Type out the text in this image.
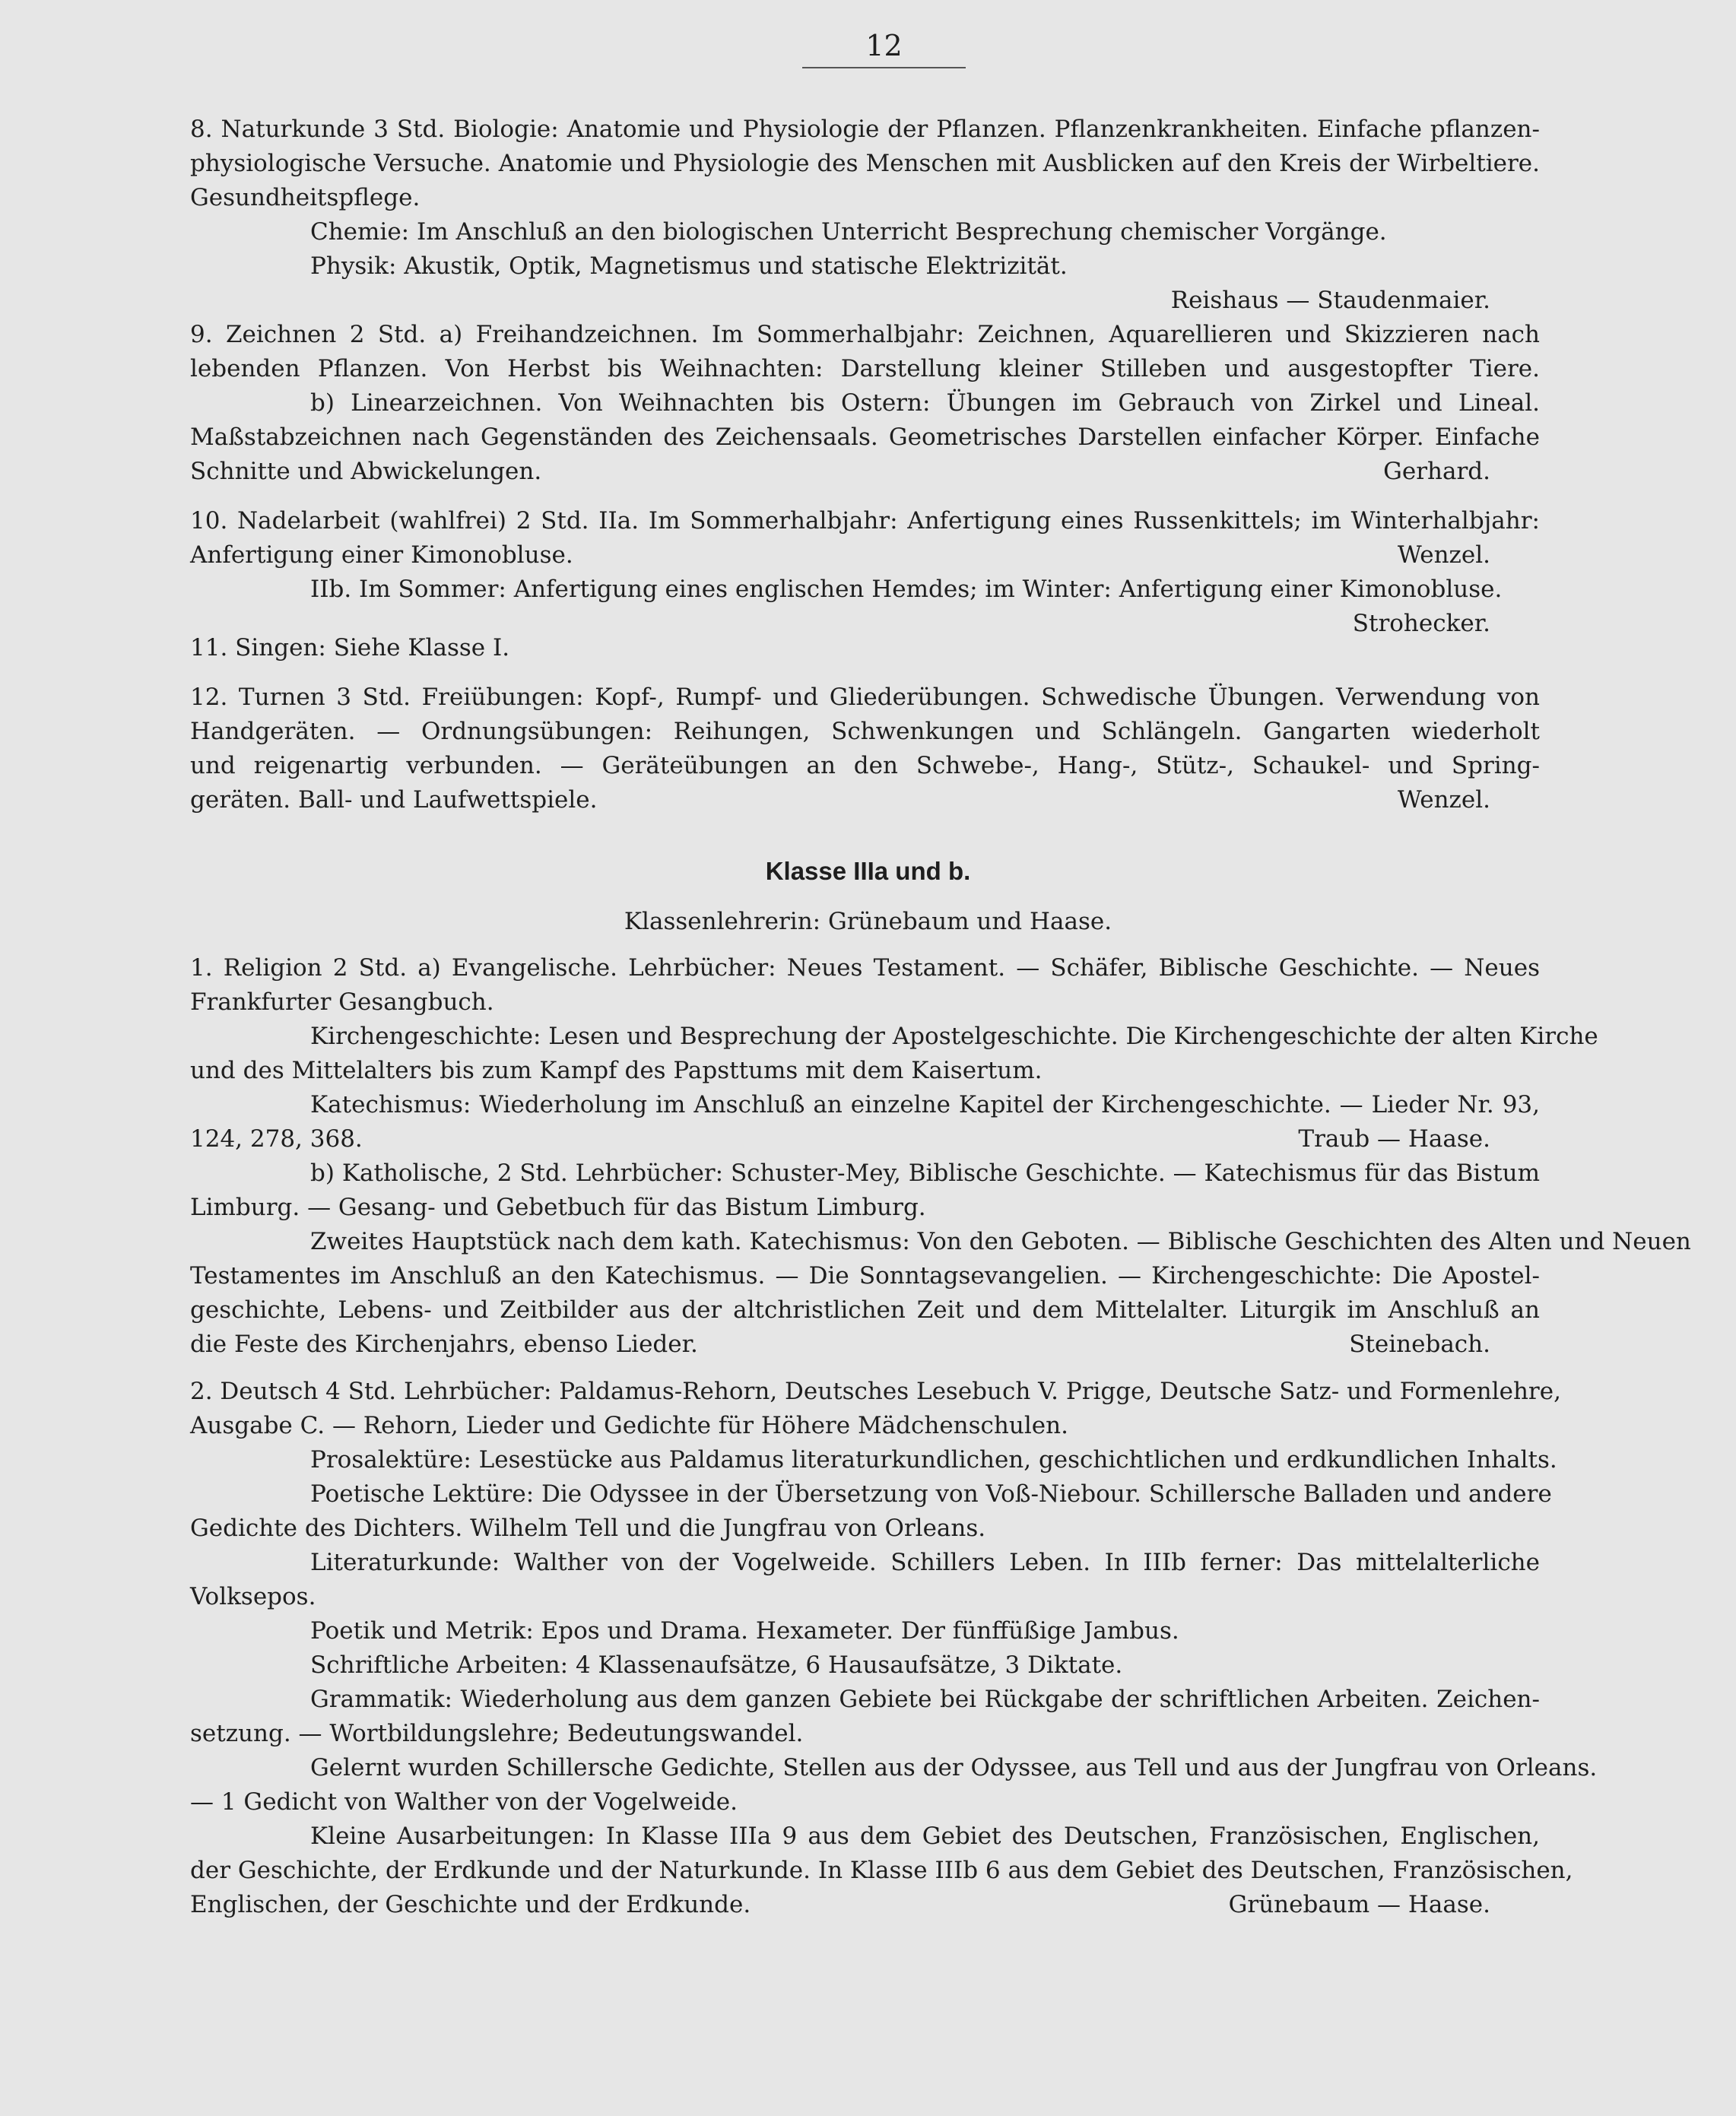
12
8. Naturkunde 3 Std. Biologie: Anatomie und Physiologie der Pflanzen. Pflanzenkrankheiten. Einfache pflanzen-
physiologische Versuche. Anatomie und Physiologie des Menschen mit Ausblicken auf den Kreis der Wirbeltiere.
Gesundheitspflege.
Chemie: Im Anschluß an den biologischen Unterricht Besprechung chemischer Vorgänge.
Physik: Akustik, Optik, Magnetismus und statische Elektrizität.
Reishaus — Staudenmaier.
9. Zeichnen 2 Std. a) Freihandzeichnen. Im Sommerhalbjahr: Zeichnen, Aquarellieren und Skizzieren nach
lebenden Pflanzen. Von Herbst bis Weihnachten: Darstellung kleiner Stilleben und ausgestopfter Tiere.
b) Linearzeichnen. Von Weihnachten bis Ostern: Übungen im Gebrauch von Zirkel und Lineal.
Maßstabzeichnen nach Gegenständen des Zeichensaals. Geometrisches Darstellen einfacher Körper. Einfache
Schnitte und Abwickelungen.	Gerhard.
10. Nadelarbeit (wahlfrei) 2 Std. IIa. Im Sommerhalbjahr: Anfertigung eines Russenkittels; im Winterhalbjahr:
Anfertigung einer Kimonobluse.	Wenzel.
IIb. Im Sommer: Anfertigung eines englischen Hemdes; im Winter: Anfertigung einer Kimonobluse.
Strohecker.
11. Singen: Siehe Klasse I.
12. Turnen 3 Std. Freiübungen: Kopf-, Rumpf- und Gliederübungen. Schwedische Übungen. Verwendung von
Handgeräten. — Ordnungsübungen: Reihungen, Schwenkungen und Schlängeln. Gangarten wiederholt
und reigenartig verbunden. — Geräteübungen an den Schwebe-, Hang-, Stütz-, Schaukel- und Spring-
geräten. Ball- und Laufwettspiele.	Wenzel.
Klasse IIIa und b.
Klassenlehrerin: Grünebaum und Haase.
1. Religion 2 Std. a) Evangelische. Lehrbücher: Neues Testament. — Schäfer, Biblische Geschichte. — Neues
Frankfurter Gesangbuch.
Kirchengeschichte: Lesen und Besprechung der Apostelgeschichte. Die Kirchengeschichte der alten Kirche
und des Mittelalters bis zum Kampf des Papsttums mit dem Kaisertum.
Katechismus: Wiederholung im Anschluß an einzelne Kapitel der Kirchengeschichte. — Lieder Nr. 93,
124, 278, 368.	Traub — Haase.
b) Katholische, 2 Std. Lehrbücher: Schuster-Mey, Biblische Geschichte. — Katechismus für das Bistum
Limburg. — Gesang- und Gebetbuch für das Bistum Limburg.
Zweites Hauptstück nach dem kath. Katechismus: Von den Geboten. — Biblische Geschichten des Alten und Neuen
Testamentes im Anschluß an den Katechismus. — Die Sonntagsevangelien. — Kirchengeschichte: Die Apostel-
geschichte, Lebens- und Zeitbilder aus der altchristlichen Zeit und dem Mittelalter. Liturgik im Anschluß an
die Feste des Kirchenjahrs, ebenso Lieder.	Steinebach.
2. Deutsch 4 Std. Lehrbücher: Paldamus-Rehorn, Deutsches Lesebuch V. Prigge, Deutsche Satz- und Formenlehre,
Ausgabe C. — Rehorn, Lieder und Gedichte für Höhere Mädchenschulen.
Prosalektüre: Lesestücke aus Paldamus literaturkundlichen, geschichtlichen und erdkundlichen Inhalts.
Poetische Lektüre: Die Odyssee in der Übersetzung von Voß-Niebour. Schillersche Balladen und andere
Gedichte des Dichters. Wilhelm Tell und die Jungfrau von Orleans.
Literaturkunde: Walther von der Vogelweide. Schillers Leben. In IIIb ferner: Das mittelalterliche
Volksepos.
Poetik und Metrik: Epos und Drama. Hexameter. Der fünffüßige Jambus.
Schriftliche Arbeiten: 4 Klassenaufsätze, 6 Hausaufsätze, 3 Diktate.
Grammatik: Wiederholung aus dem ganzen Gebiete bei Rückgabe der schriftlichen Arbeiten. Zeichen-
setzung. — Wortbildungslehre; Bedeutungswandel.
Gelernt wurden Schillersche Gedichte, Stellen aus der Odyssee, aus Tell und aus der Jungfrau von Orleans.
— 1 Gedicht von Walther von der Vogelweide.
Kleine Ausarbeitungen: In Klasse IIIa 9 aus dem Gebiet des Deutschen, Französischen, Englischen,
der Geschichte, der Erdkunde und der Naturkunde. In Klasse IIIb 6 aus dem Gebiet des Deutschen, Französischen,
Englischen, der Geschichte und der Erdkunde.	Grünebaum — Haase.
